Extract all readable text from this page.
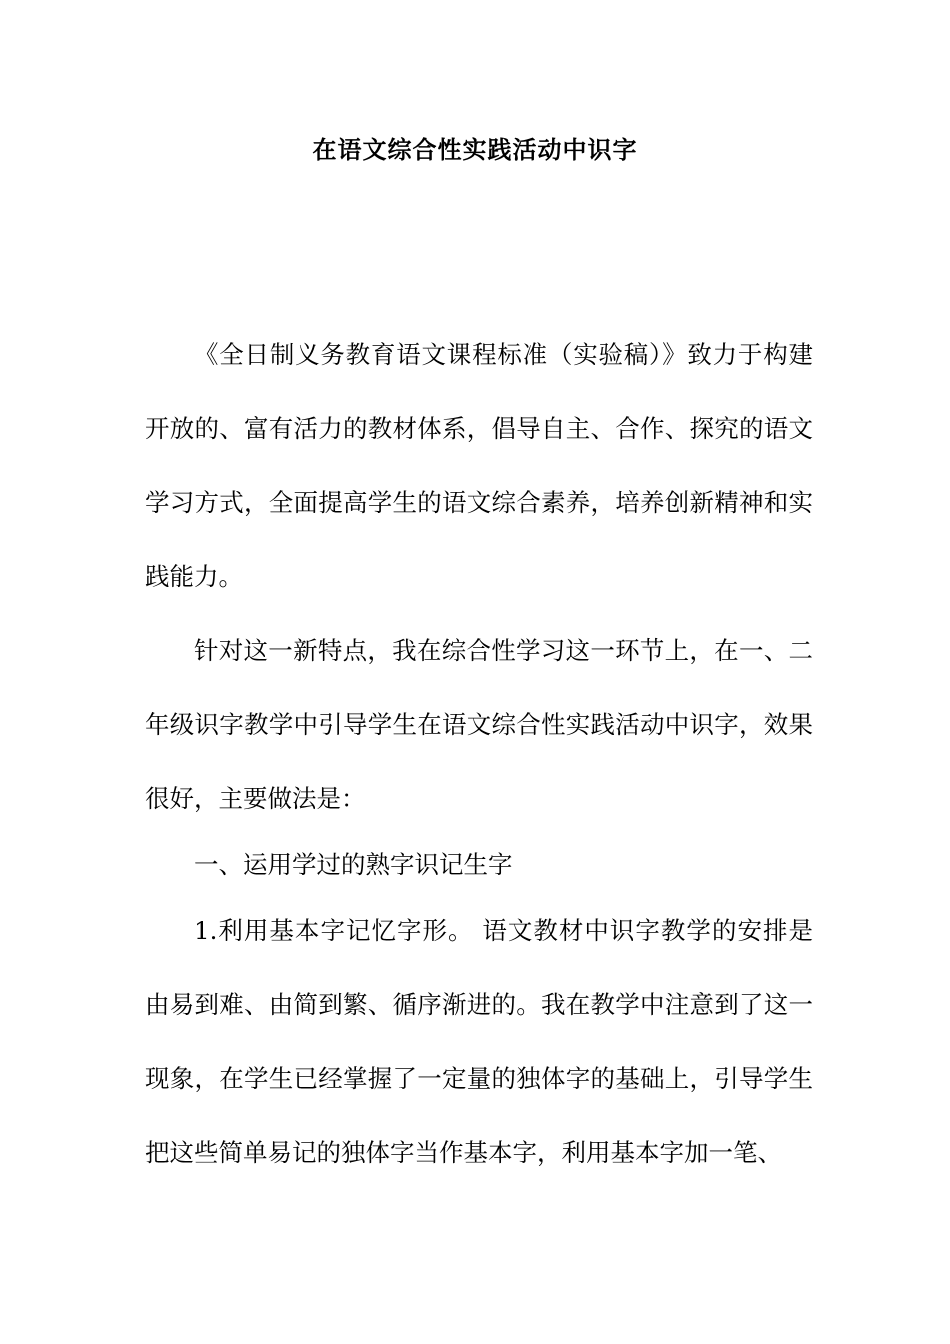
在语文综合性实践活动中识字

《全日制义务教育语文课程标准（实验稿）》致力于构建开放的、富有活力的教材体系，倡导自主、合作、探究的语文学习方式，全面提高学生的语文综合素养，培养创新精神和实践能力。

针对这一新特点，我在综合性学习这一环节上，在一、二年级识字教学中引导学生在语文综合性实践活动中识字，效果很好，主要做法是：

一、运用学过的熟字识记生字

1.利用基本字记忆字形。 语文教材中识字教学的安排是由易到难、由简到繁、循序渐进的。我在教学中注意到了这一现象，在学生已经掌握了一定量的独体字的基础上，引导学生把这些简单易记的独体字当作基本字，利用基本字加一笔、
